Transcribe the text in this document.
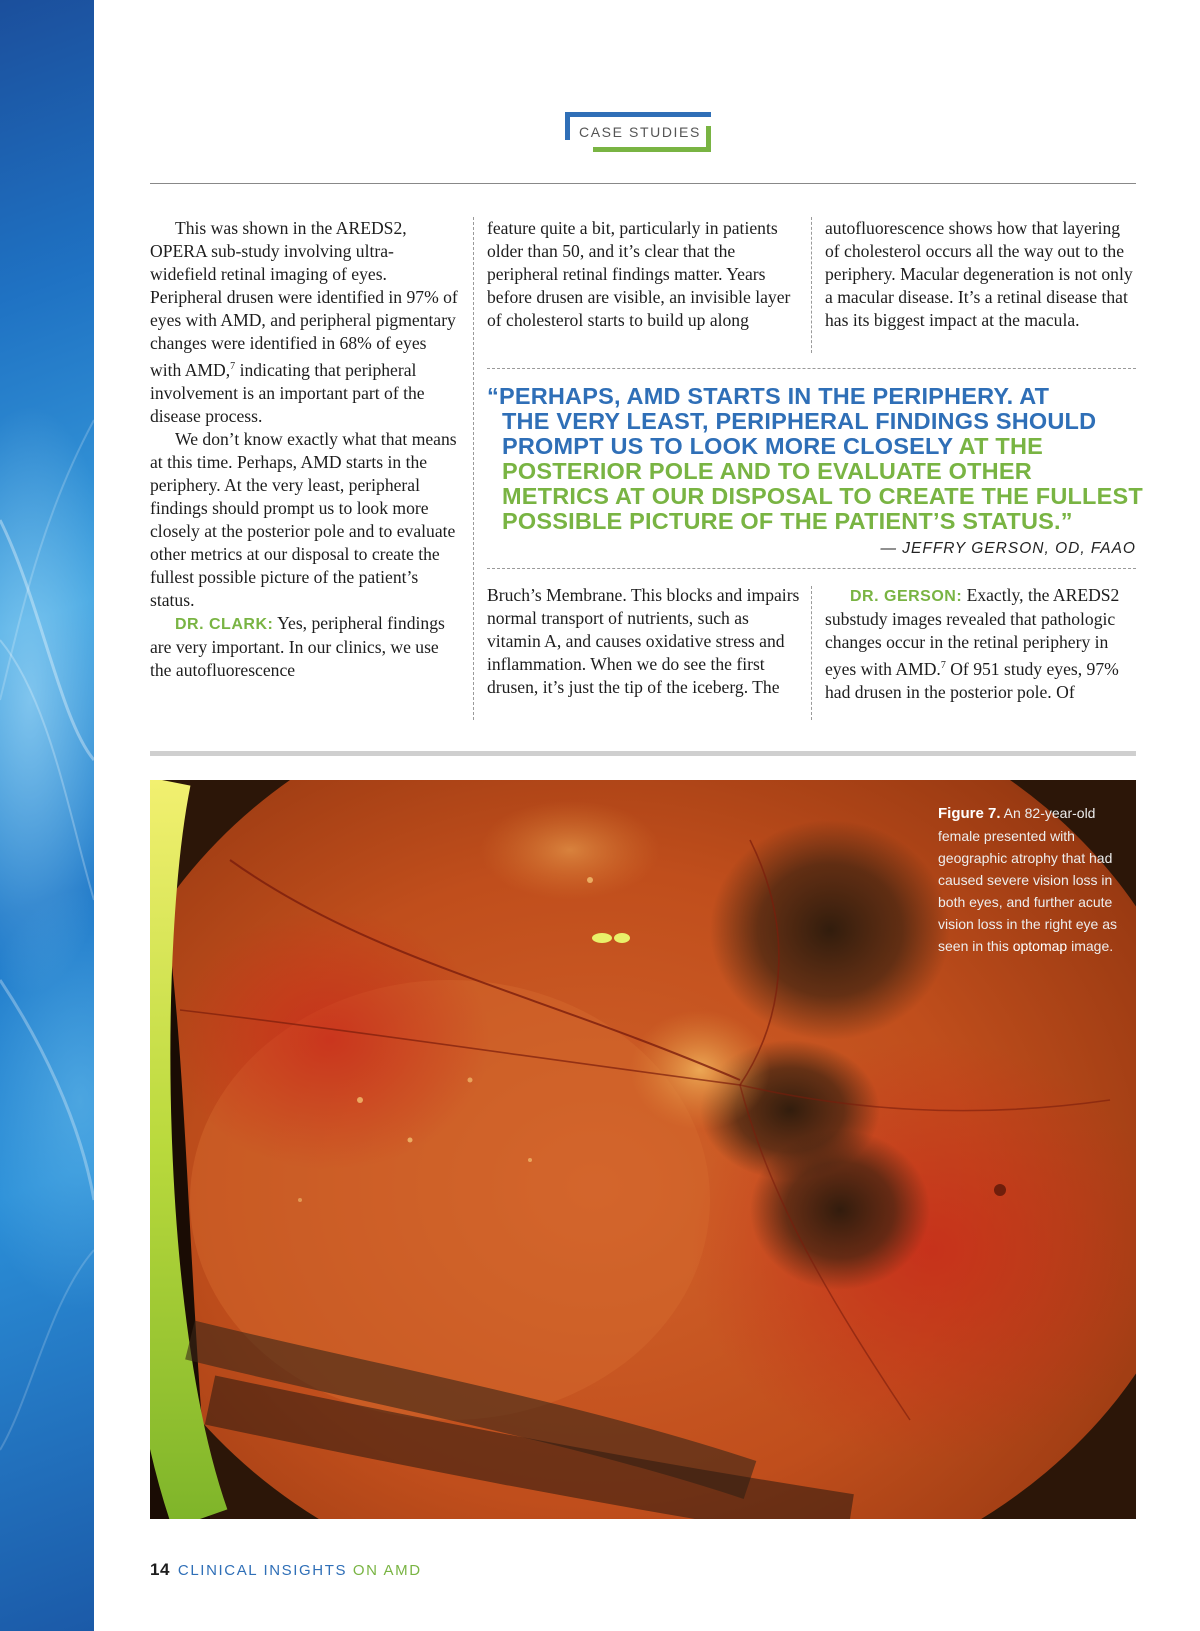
CASE STUDIES

This was shown in the AREDS2, OPERA sub-study involving ultra-widefield retinal imaging of eyes. Peripheral drusen were identified in 97% of eyes with AMD, and peripheral pigmentary changes were identified in 68% of eyes with AMD,$^7$ indicating that peripheral involvement is an important part of the disease process.

We don’t know exactly what that means at this time. Perhaps, AMD starts in the periphery. At the very least, peripheral findings should prompt us to look more closely at the posterior pole and to evaluate other metrics at our disposal to create the fullest possible picture of the patient’s status.

DR. CLARK: Yes, peripheral findings are very important. In our clinics, we use the autofluorescence

feature quite a bit, particularly in patients older than 50, and it’s clear that the peripheral retinal findings matter. Years before drusen are visible, an invisible layer of cholesterol starts to build up along

autofluorescence shows how that layering of cholesterol occurs all the way out to the periphery. Macular degeneration is not only a macular disease. It’s a retinal disease that has its biggest impact at the macula.

“PERHAPS, AMD STARTS IN THE PERIPHERY. AT
THE VERY LEAST, PERIPHERAL FINDINGS SHOULD
PROMPT US TO LOOK MORE CLOSELY AT THE
POSTERIOR POLE AND TO EVALUATE OTHER
METRICS AT OUR DISPOSAL TO CREATE THE FULLEST
POSSIBLE PICTURE OF THE PATIENT’S STATUS.”
— JEFFRY GERSON, OD, FAAO

Bruch’s Membrane. This blocks and impairs normal transport of nutrients, such as vitamin A, and causes oxidative stress and inflammation. When we do see the first drusen, it’s just the tip of the iceberg. The

DR. GERSON: Exactly, the AREDS2 substudy images revealed that pathologic changes occur in the retinal periphery in eyes with AMD.$^7$ Of 951 study eyes, 97% had drusen in the posterior pole. Of

Figure 7. An 82-year-old female presented with geographic atrophy that had caused severe vision loss in both eyes, and further acute vision loss in the right eye as seen in this optomap image.
14 CLINICAL INSIGHTS ON AMD
